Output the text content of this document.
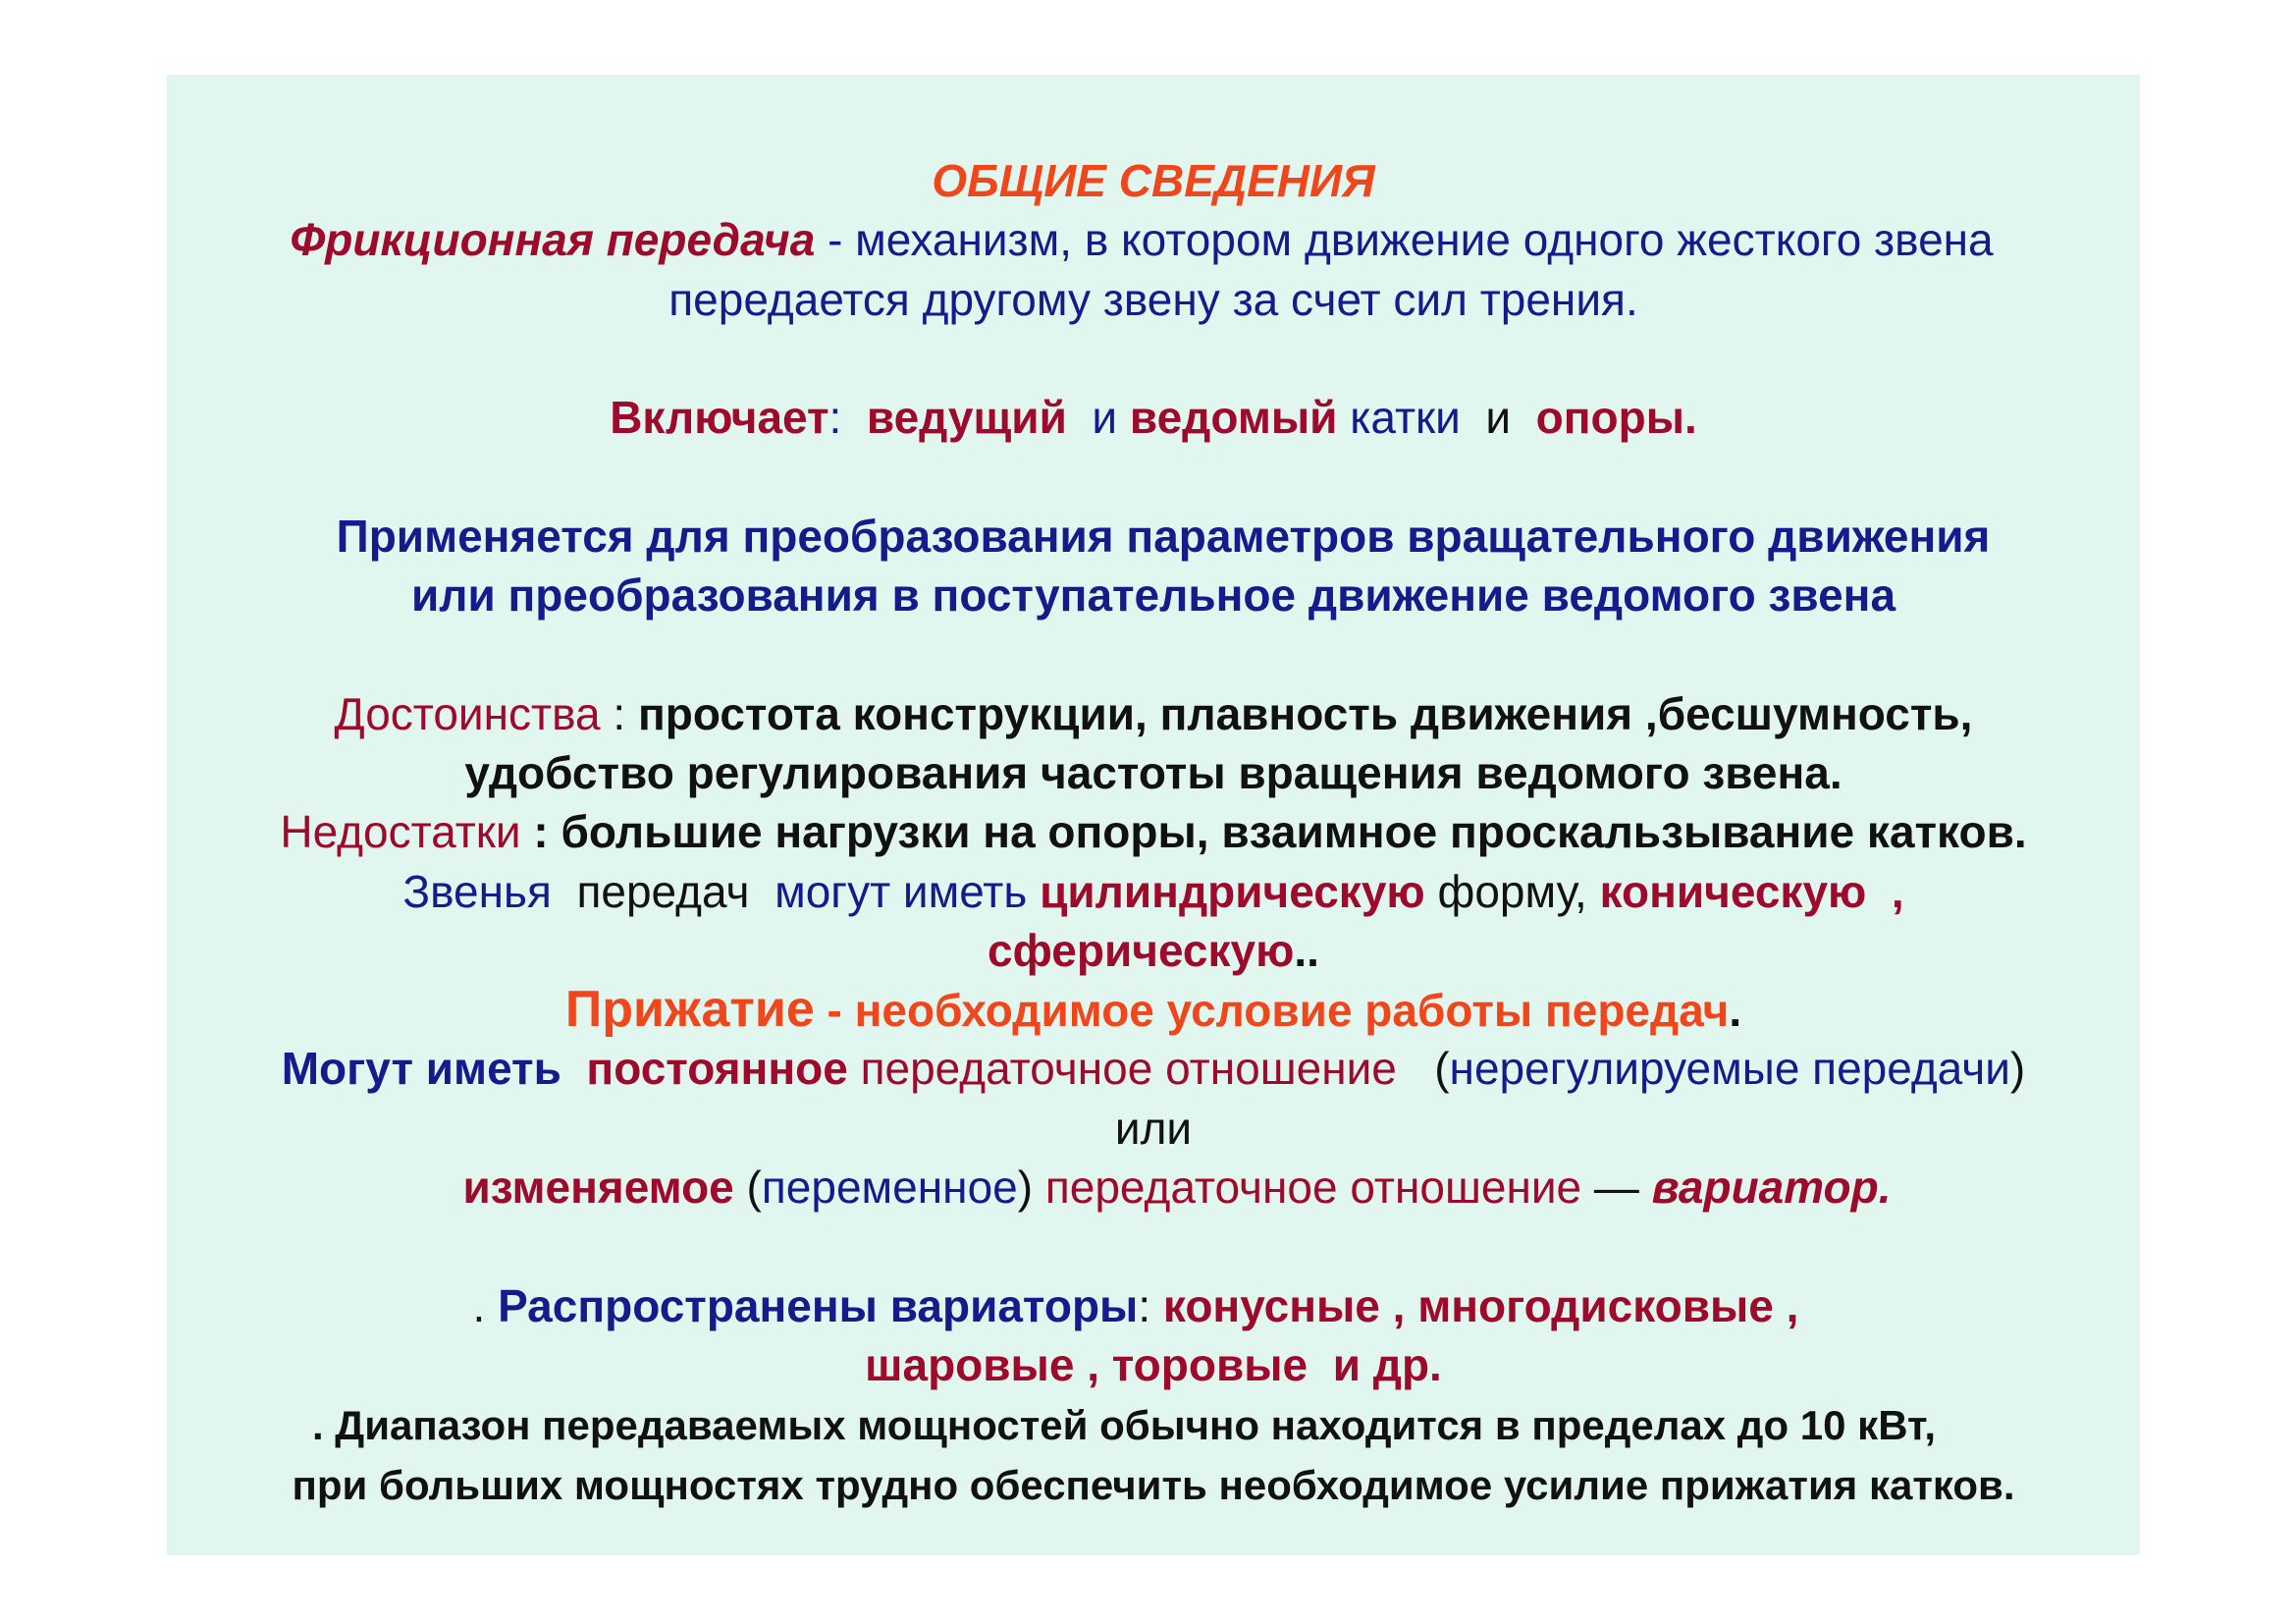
ОБЩИЕ СВЕДЕНИЯ
Фрикционная передача - механизм, в котором движение одного жесткого звена
передается другому звену за счет сил трения.
Включает:  ведущий  и ведомый катки  и  опоры.
Применяется для преобразования параметров вращательного движения
или преобразования в поступательное движение ведомого звена
Достоинства : простота конструкции, плавность движения ,бесшумность,
удобство регулирования частоты вращения ведомого звена.
Недостатки : большие нагрузки на опоры, взаимное проскальзывание катков.
Звенья  передач  могут иметь цилиндрическую форму, коническую  ,
сферическую..
Прижатие - необходимое условие работы передач.
Могут иметь  постоянное передаточное отношение   (нерегулируемые передачи)
или
изменяемое (переменное) передаточное отношение — вариатор.
. Распространены вариаторы: конусные , многодисковые ,
шаровые , торовые  и др.
. Диапазон передаваемых мощностей обычно находится в пределах до 10 кВт,
при больших мощностях трудно обеспечить необходимое усилие прижатия катков.
